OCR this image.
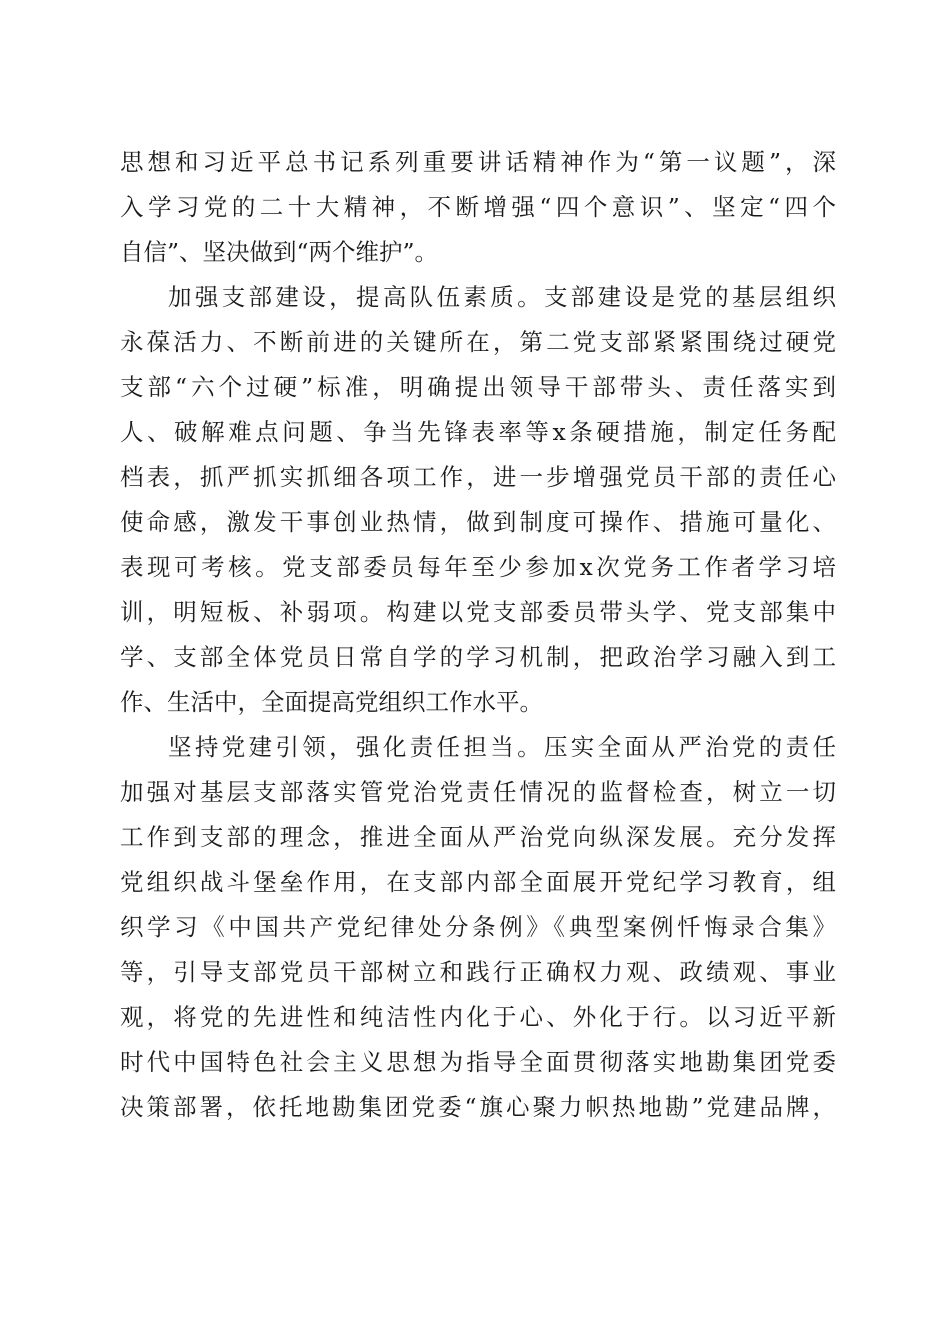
思想和习近平总书记系列重要讲话精神作为“第一议题”，深
入学习党的二十大精神，不断增强“四个意识”、坚定“四个
自信”、坚决做到“两个维护”。
加强支部建设，提高队伍素质。支部建设是党的基层组织
永葆活力、不断前进的关键所在，第二党支部紧紧围绕过硬党
支部“六个过硬”标准，明确提出领导干部带头、责任落实到
人、破解难点问题、争当先锋表率等x条硬措施，制定任务配
档表，抓严抓实抓细各项工作，进一步增强党员干部的责任心
使命感，激发干事创业热情，做到制度可操作、措施可量化、
表现可考核。党支部委员每年至少参加x次党务工作者学习培
训，明短板、补弱项。构建以党支部委员带头学、党支部集中
学、支部全体党员日常自学的学习机制，把政治学习融入到工
作、生活中，全面提高党组织工作水平。
坚持党建引领，强化责任担当。压实全面从严治党的责任
加强对基层支部落实管党治党责任情况的监督检查，树立一切
工作到支部的理念，推进全面从严治党向纵深发展。充分发挥
党组织战斗堡垒作用，在支部内部全面展开党纪学习教育，组
织学习《中国共产党纪律处分条例》《典型案例忏悔录合集》
等，引导支部党员干部树立和践行正确权力观、政绩观、事业
观，将党的先进性和纯洁性内化于心、外化于行。以习近平新
时代中国特色社会主义思想为指导全面贯彻落实地勘集团党委
决策部署，依托地勘集团党委“旗心聚力帜热地勘”党建品牌，
